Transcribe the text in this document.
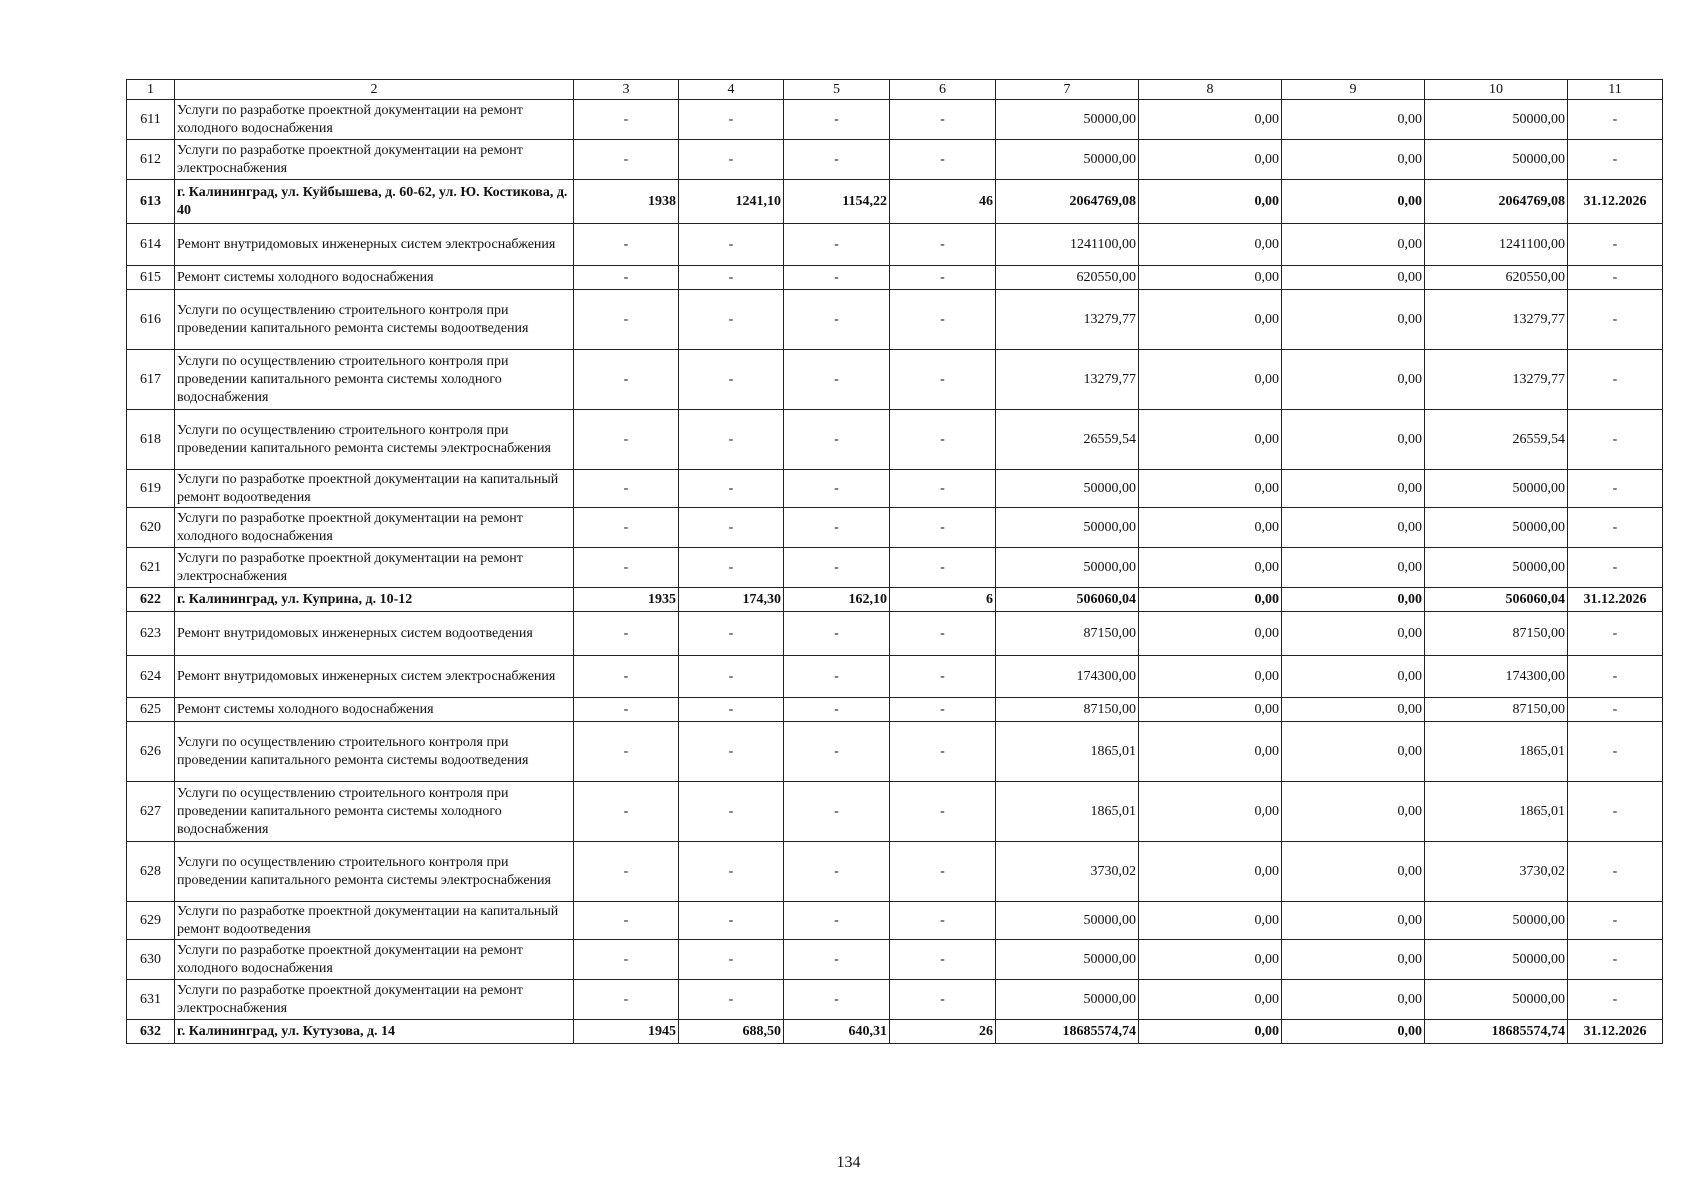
1	2	3	4	5	6	7	8	9	10	11
611	Услуги по разработке проектной документации на ремонт холодного водоснабжения	-	-	-	-	50000,00	0,00	0,00	50000,00	-
612	Услуги по разработке проектной документации на ремонт электроснабжения	-	-	-	-	50000,00	0,00	0,00	50000,00	-
613	г. Калининград, ул. Куйбышева, д. 60-62, ул. Ю. Костикова, д. 40	1938	1241,10	1154,22	46	2064769,08	0,00	0,00	2064769,08	31.12.2026
614	Ремонт внутридомовых инженерных систем электроснабжения	-	-	-	-	1241100,00	0,00	0,00	1241100,00	-
615	Ремонт системы холодного водоснабжения	-	-	-	-	620550,00	0,00	0,00	620550,00	-
616	Услуги по осуществлению строительного контроля при проведении капитального ремонта системы водоотведения	-	-	-	-	13279,77	0,00	0,00	13279,77	-
617	Услуги по осуществлению строительного контроля при проведении капитального ремонта системы холодного водоснабжения	-	-	-	-	13279,77	0,00	0,00	13279,77	-
618	Услуги по осуществлению строительного контроля при проведении капитального ремонта системы электроснабжения	-	-	-	-	26559,54	0,00	0,00	26559,54	-
619	Услуги по разработке проектной документации на капитальный ремонт водоотведения	-	-	-	-	50000,00	0,00	0,00	50000,00	-
620	Услуги по разработке проектной документации на ремонт холодного водоснабжения	-	-	-	-	50000,00	0,00	0,00	50000,00	-
621	Услуги по разработке проектной документации на ремонт электроснабжения	-	-	-	-	50000,00	0,00	0,00	50000,00	-
622	г. Калининград, ул. Куприна, д. 10-12	1935	174,30	162,10	6	506060,04	0,00	0,00	506060,04	31.12.2026
623	Ремонт внутридомовых инженерных систем водоотведения	-	-	-	-	87150,00	0,00	0,00	87150,00	-
624	Ремонт внутридомовых инженерных систем электроснабжения	-	-	-	-	174300,00	0,00	0,00	174300,00	-
625	Ремонт системы холодного водоснабжения	-	-	-	-	87150,00	0,00	0,00	87150,00	-
626	Услуги по осуществлению строительного контроля при проведении капитального ремонта системы водоотведения	-	-	-	-	1865,01	0,00	0,00	1865,01	-
627	Услуги по осуществлению строительного контроля при проведении капитального ремонта системы холодного водоснабжения	-	-	-	-	1865,01	0,00	0,00	1865,01	-
628	Услуги по осуществлению строительного контроля при проведении капитального ремонта системы электроснабжения	-	-	-	-	3730,02	0,00	0,00	3730,02	-
629	Услуги по разработке проектной документации на капитальный ремонт водоотведения	-	-	-	-	50000,00	0,00	0,00	50000,00	-
630	Услуги по разработке проектной документации на ремонт холодного водоснабжения	-	-	-	-	50000,00	0,00	0,00	50000,00	-
631	Услуги по разработке проектной документации на ремонт электроснабжения	-	-	-	-	50000,00	0,00	0,00	50000,00	-
632	г. Калининград, ул. Кутузова, д. 14	1945	688,50	640,31	26	18685574,74	0,00	0,00	18685574,74	31.12.2026
134
